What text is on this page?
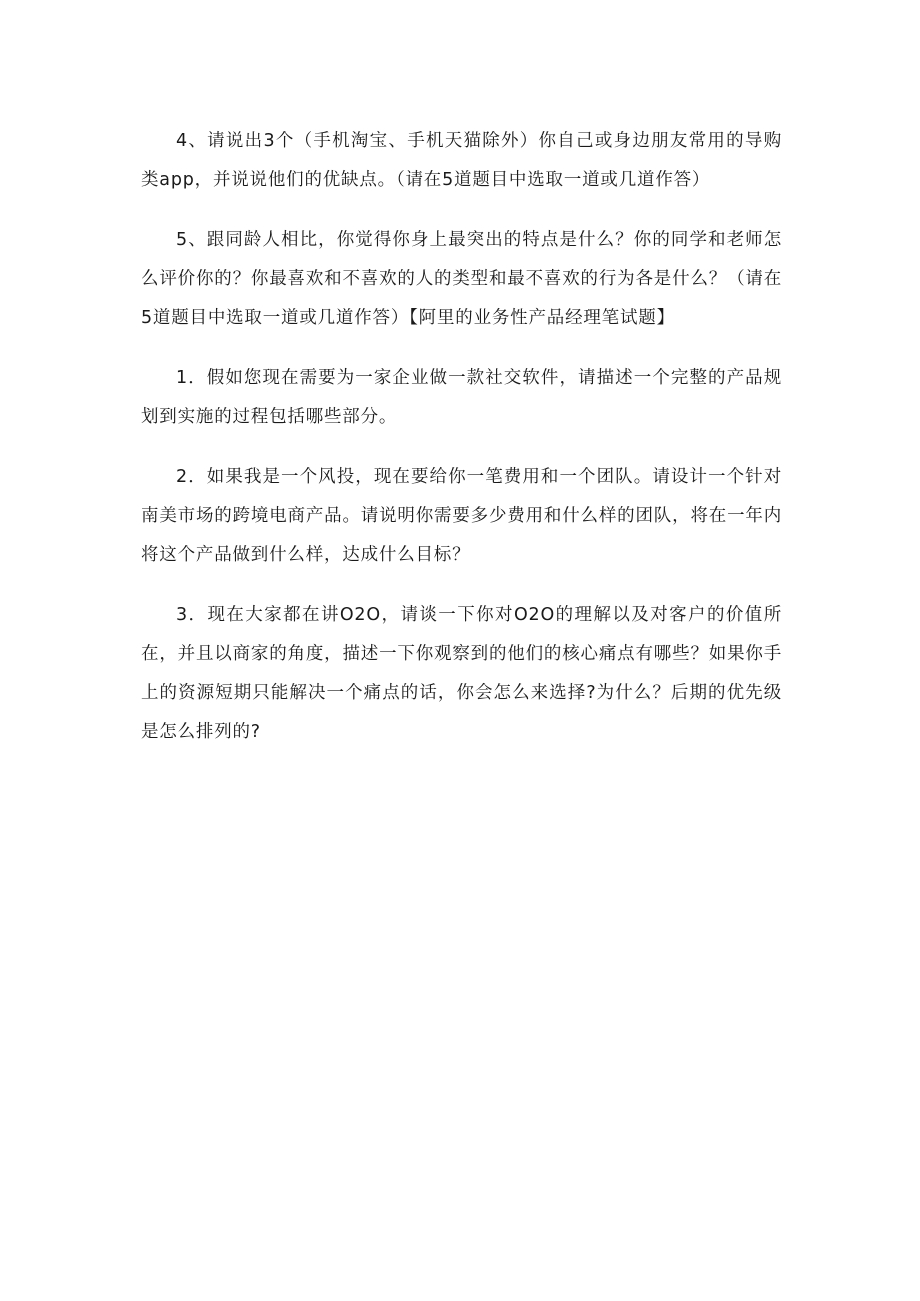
4、请说出3个（手机淘宝、手机天猫除外）你自己或身边朋友常用的导购类app，并说说他们的优缺点。（请在5道题目中选取一道或几道作答）

5、跟同龄人相比，你觉得你身上最突出的特点是什么？你的同学和老师怎么评价你的？你最喜欢和不喜欢的人的类型和最不喜欢的行为各是什么？（请在5道题目中选取一道或几道作答）【阿里的业务性产品经理笔试题】

1．假如您现在需要为一家企业做一款社交软件，请描述一个完整的产品规划到实施的过程包括哪些部分。

2．如果我是一个风投，现在要给你一笔费用和一个团队。请设计一个针对南美市场的跨境电商产品。请说明你需要多少费用和什么样的团队，将在一年内将这个产品做到什么样，达成什么目标？

3．现在大家都在讲O2O，请谈一下你对O2O的理解以及对客户的价值所在，并且以商家的角度，描述一下你观察到的他们的核心痛点有哪些？如果你手上的资源短期只能解决一个痛点的话，你会怎么来选择?为什么？后期的优先级是怎么排列的?
